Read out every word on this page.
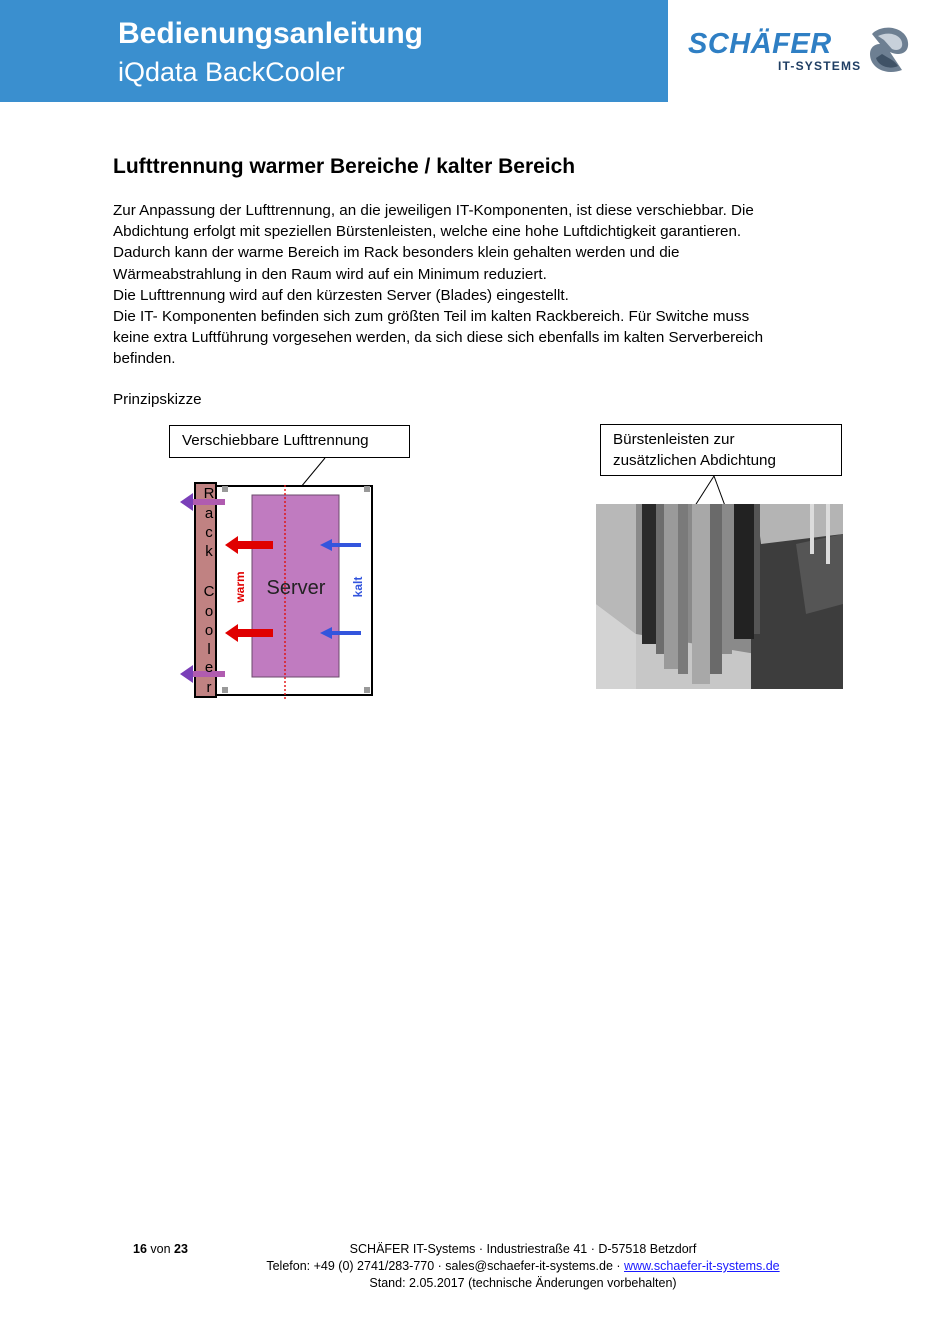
Bedienungsanleitung
iQdata BackCooler
SCHÄFER
IT-SYSTEMS
Lufttrennung warmer Bereiche / kalter Bereich

Zur Anpassung der Lufttrennung, an die jeweiligen IT-Komponenten, ist diese verschiebbar. Die

Abdichtung erfolgt mit speziellen Bürstenleisten, welche eine hohe Luftdichtigkeit garantieren.

Dadurch kann der warme Bereich im Rack besonders klein gehalten werden und die

Wärmeabstrahlung in den Raum wird auf ein Minimum reduziert.

Die Lufttrennung wird auf den kürzesten Server (Blades) eingestellt.

Die IT- Komponenten befinden sich zum größten Teil im kalten Rackbereich. Für Switche muss

keine extra Luftführung vorgesehen werden, da sich diese sich ebenfalls im kalten Serverbereich

befinden.

Prinzipskizze
R
a
c
k
C
o
o
l
e
r
Server
warm	kalt
Verschiebbare Lufttrennung	Bürstenleisten zur
zusätzlichen Abdichtung
16 von 23	SCHÄFER IT-Systems · Industriestraße 41 · D-57518 Betzdorf
Telefon: +49 (0) 2741/283-770 · sales@schaefer-it-systems.de · www.schaefer-it-systems.de
Stand: 2.05.2017 (technische Änderungen vorbehalten)
